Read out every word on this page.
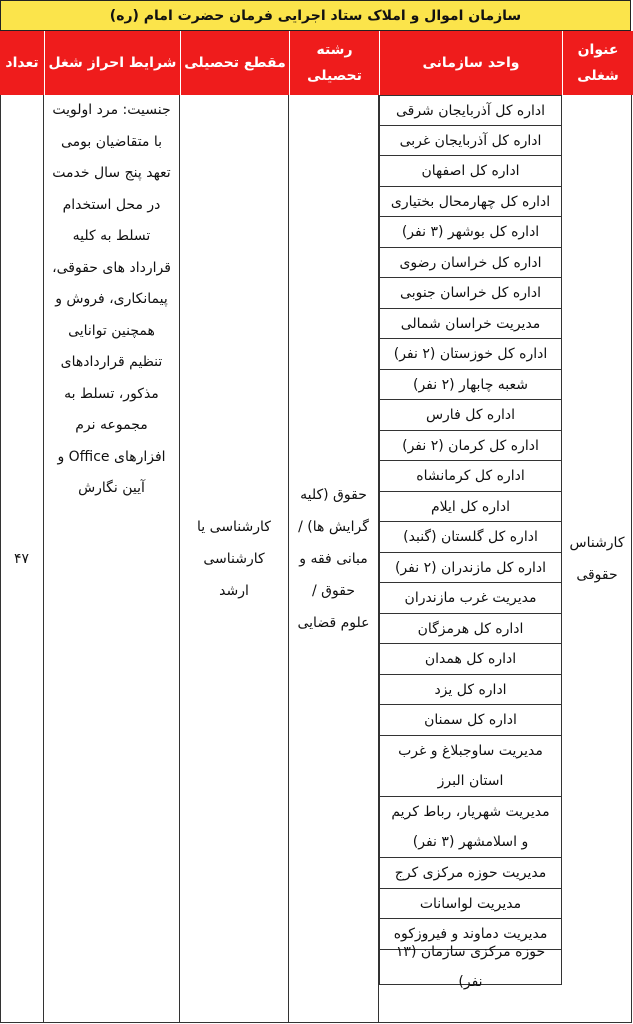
سازمان اموال و املاک ستاد اجرایی فرمان حضرت امام (ره)
عنوان شغلی
واحد سازمانی
رشته تحصیلی
مقطع تحصیلی
شرایط احراز شغل
تعداد
کارشناس حقوقی
اداره کل آذربایجان شرقی
اداره کل آذربایجان غربی
اداره کل اصفهان
اداره کل چهارمحال بختیاری
اداره کل بوشهر (۳ نفر)
اداره کل خراسان رضوی
اداره کل خراسان جنوبی
مدیریت خراسان شمالی
اداره کل خوزستان (۲ نفر)
شعبه چابهار (۲ نفر)
اداره کل فارس
اداره کل کرمان (۲ نفر)
اداره کل کرمانشاه
اداره کل ایلام
اداره کل گلستان (گنبد)
اداره کل مازندران (۲ نفر)
مدیریت غرب مازندران
اداره کل هرمزگان
اداره کل همدان
اداره کل یزد
اداره کل سمنان
مدیریت ساوجبلاغ و غرب استان البرز
مدیریت شهریار، رباط کریم و اسلامشهر (۳ نفر)
مدیریت حوزه مرکزی کرج
مدیریت لواسانات
مدیریت دماوند و فیروزکوه
حوزه مرکزی سازمان (۱۳ نفر)
حقوق (کلیه گرایش ها) / مبانی فقه و حقوق / علوم قضایی
کارشناسی یا کارشناسی ارشد
جنسیت: مرد اولویت با متقاضیان بومی تعهد پنج سال خدمت در محل استخدام تسلط به کلیه قرارداد های حقوقی، پیمانکاری، فروش و همچنین توانایی تنظیم قراردادهای مذکور، تسلط به مجموعه نرم افزارهای Office و آیین نگارش
۴۷
